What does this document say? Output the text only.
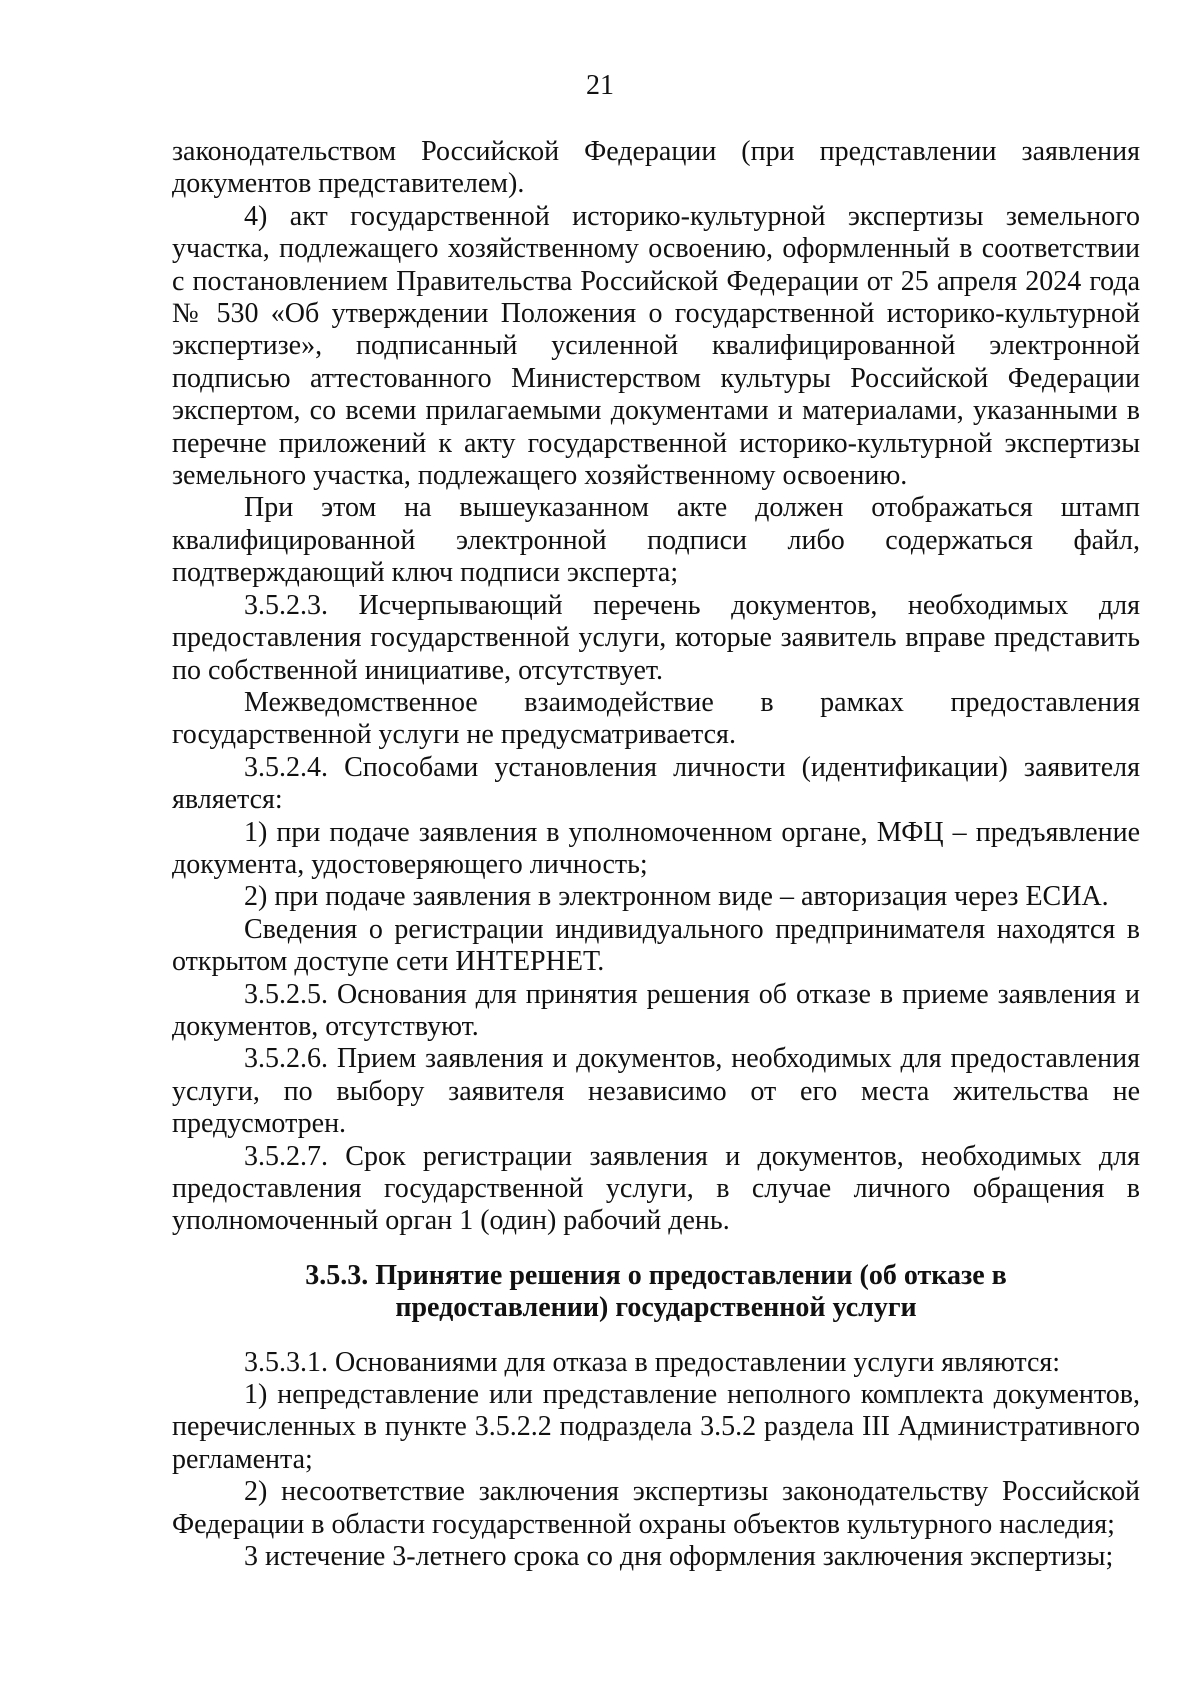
21

законодательством Российской Федерации (при представлении заявления документов представителем).

4) акт государственной историко-культурной экспертизы земельного участка, подлежащего хозяйственному освоению, оформленный в соответствии с постановлением Правительства Российской Федерации от 25 апреля 2024 года № 530 «Об утверждении Положения о государственной историко-культурной экспертизе», подписанный усиленной квалифицированной электронной подписью аттестованного Министерством культуры Российской Федерации экспертом, со всеми прилагаемыми документами и материалами, указанными в перечне приложений к акту государственной историко-культурной экспертизы земельного участка, подлежащего хозяйственному освоению.

При этом на вышеуказанном акте должен отображаться штамп квалифицированной электронной подписи либо содержаться файл, подтверждающий ключ подписи эксперта;

3.5.2.3. Исчерпывающий перечень документов, необходимых для предоставления государственной услуги, которые заявитель вправе представить по собственной инициативе, отсутствует.

Межведомственное взаимодействие в рамках предоставления государственной услуги не предусматривается.

3.5.2.4. Способами установления личности (идентификации) заявителя является:

1) при подаче заявления в уполномоченном органе, МФЦ – предъявление документа, удостоверяющего личность;

2) при подаче заявления в электронном виде – авторизация через ЕСИА.

Сведения о регистрации индивидуального предпринимателя находятся в открытом доступе сети ИНТЕРНЕТ.

3.5.2.5. Основания для принятия решения об отказе в приеме заявления и документов, отсутствуют.

3.5.2.6. Прием заявления и документов, необходимых для предоставления услуги, по выбору заявителя независимо от его места жительства не предусмотрен.

3.5.2.7. Срок регистрации заявления и документов, необходимых для предоставления государственной услуги, в случае личного обращения в уполномоченный орган 1 (один) рабочий день.

3.5.3. Принятие решения о предоставлении (об отказе в
предоставлении) государственной услуги

3.5.3.1. Основаниями для отказа в предоставлении услуги являются:

1) непредставление или представление неполного комплекта документов, перечисленных в пункте 3.5.2.2 подраздела 3.5.2 раздела III Административного регламента;

2) несоответствие заключения экспертизы законодательству Российской Федерации в области государственной охраны объектов культурного наследия;

3 истечение 3-летнего срока со дня оформления заключения экспертизы;
